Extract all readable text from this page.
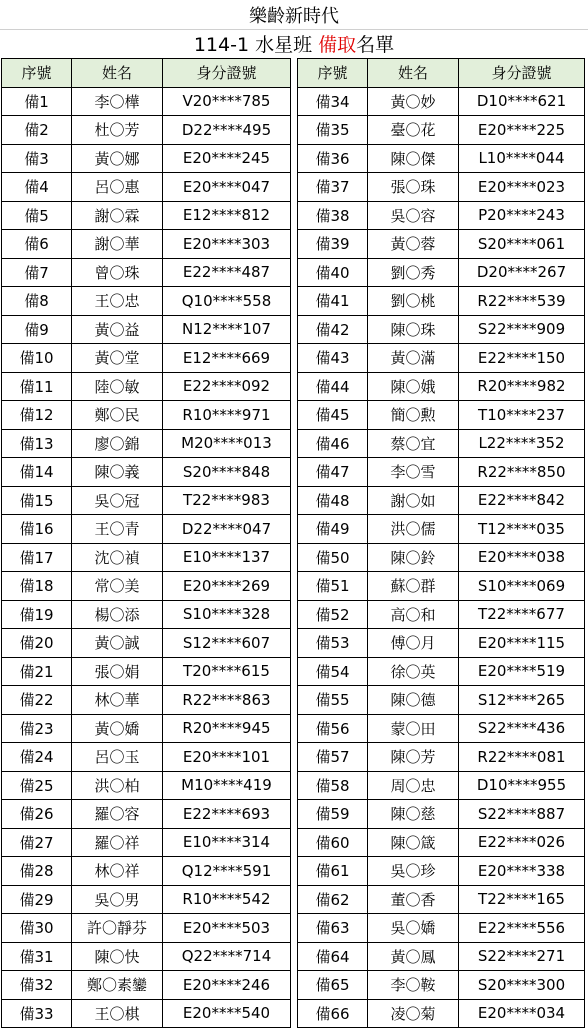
樂齡新時代
114-1 水星班 備取 名單
序號	姓名	身分證號
備1	李〇樺	V20****785
備2	杜〇芳	D22****495
備3	黃〇娜	E20****245
備4	呂〇惠	E20****047
備5	謝〇霖	E12****812
備6	謝〇華	E20****303
備7	曾〇珠	E22****487
備8	王〇忠	Q10****558
備9	黃〇益	N12****107
備10	黃〇堂	E12****669
備11	陸〇敏	E22****092
備12	鄭〇民	R10****971
備13	廖〇錦	M20****013
備14	陳〇義	S20****848
備15	吳〇冠	T22****983
備16	王〇青	D22****047
備17	沈〇禎	E10****137
備18	常〇美	E20****269
備19	楊〇添	S10****328
備20	黃〇誠	S12****607
備21	張〇娟	T20****615
備22	林〇華	R22****863
備23	黃〇嬌	R20****945
備24	呂〇玉	E20****101
備25	洪〇柏	M10****419
備26	羅〇容	E22****693
備27	羅〇祥	E10****314
備28	林〇祥	Q12****591
備29	吳〇男	R10****542
備30	許〇靜芬	E20****503
備31	陳〇快	Q22****714
備32	鄭〇素鑾	E20****246
備33	王〇棋	E20****540
序號	姓名	身分證號
備34	黃〇妙	D10****621
備35	臺〇花	E20****225
備36	陳〇傑	L10****044
備37	張〇珠	E20****023
備38	吳〇容	P20****243
備39	黃〇蓉	S20****061
備40	劉〇秀	D20****267
備41	劉〇桃	R22****539
備42	陳〇珠	S22****909
備43	黃〇滿	E22****150
備44	陳〇娥	R20****982
備45	簡〇勲	T10****237
備46	蔡〇宜	L22****352
備47	李〇雪	R22****850
備48	謝〇如	E22****842
備49	洪〇儒	T12****035
備50	陳〇鈴	E20****038
備51	蘇〇群	S10****069
備52	高〇和	T22****677
備53	傅〇月	E20****115
備54	徐〇英	E20****519
備55	陳〇德	S12****265
備56	蒙〇田	S22****436
備57	陳〇芳	R22****081
備58	周〇忠	D10****955
備59	陳〇慈	S22****887
備60	陳〇箴	E22****026
備61	吳〇珍	E20****338
備62	董〇香	T22****165
備63	吳〇嬌	E22****556
備64	黃〇鳳	S22****271
備65	李〇鞍	S20****300
備66	凌〇菊	E20****034
